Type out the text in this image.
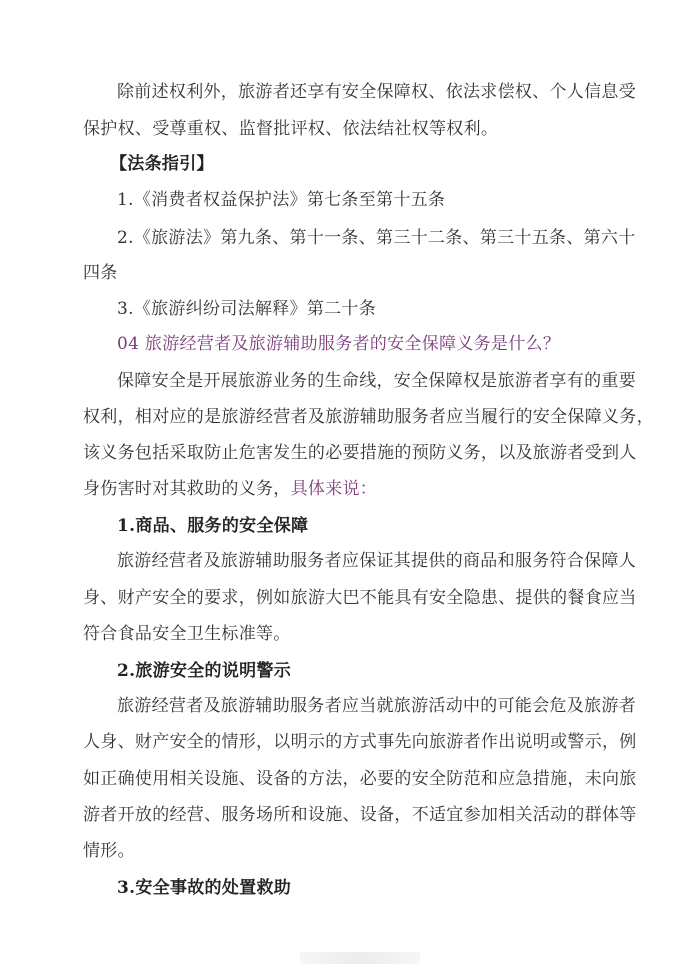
除前述权利外，旅游者还享有安全保障权、依法求偿权、个人信息受
保护权、受尊重权、监督批评权、依法结社权等权利。
【法条指引】
1.《消费者权益保护法》第七条至第十五条
2.《旅游法》第九条、第十一条、第三十二条、第三十五条、第六十
四条
3.《旅游纠纷司法解释》第二十条
04 旅游经营者及旅游辅助服务者的安全保障义务是什么？
保障安全是开展旅游业务的生命线，安全保障权是旅游者享有的重要
权利，相对应的是旅游经营者及旅游辅助服务者应当履行的安全保障义务，
该义务包括采取防止危害发生的必要措施的预防义务，以及旅游者受到人
身伤害时对其救助的义务，具体来说：
1.商品、服务的安全保障
旅游经营者及旅游辅助服务者应保证其提供的商品和服务符合保障人
身、财产安全的要求，例如旅游大巴不能具有安全隐患、提供的餐食应当
符合食品安全卫生标准等。
2.旅游安全的说明警示
旅游经营者及旅游辅助服务者应当就旅游活动中的可能会危及旅游者
人身、财产安全的情形，以明示的方式事先向旅游者作出说明或警示，例
如正确使用相关设施、设备的方法，必要的安全防范和应急措施，未向旅
游者开放的经营、服务场所和设施、设备，不适宜参加相关活动的群体等
情形。
3.安全事故的处置救助
